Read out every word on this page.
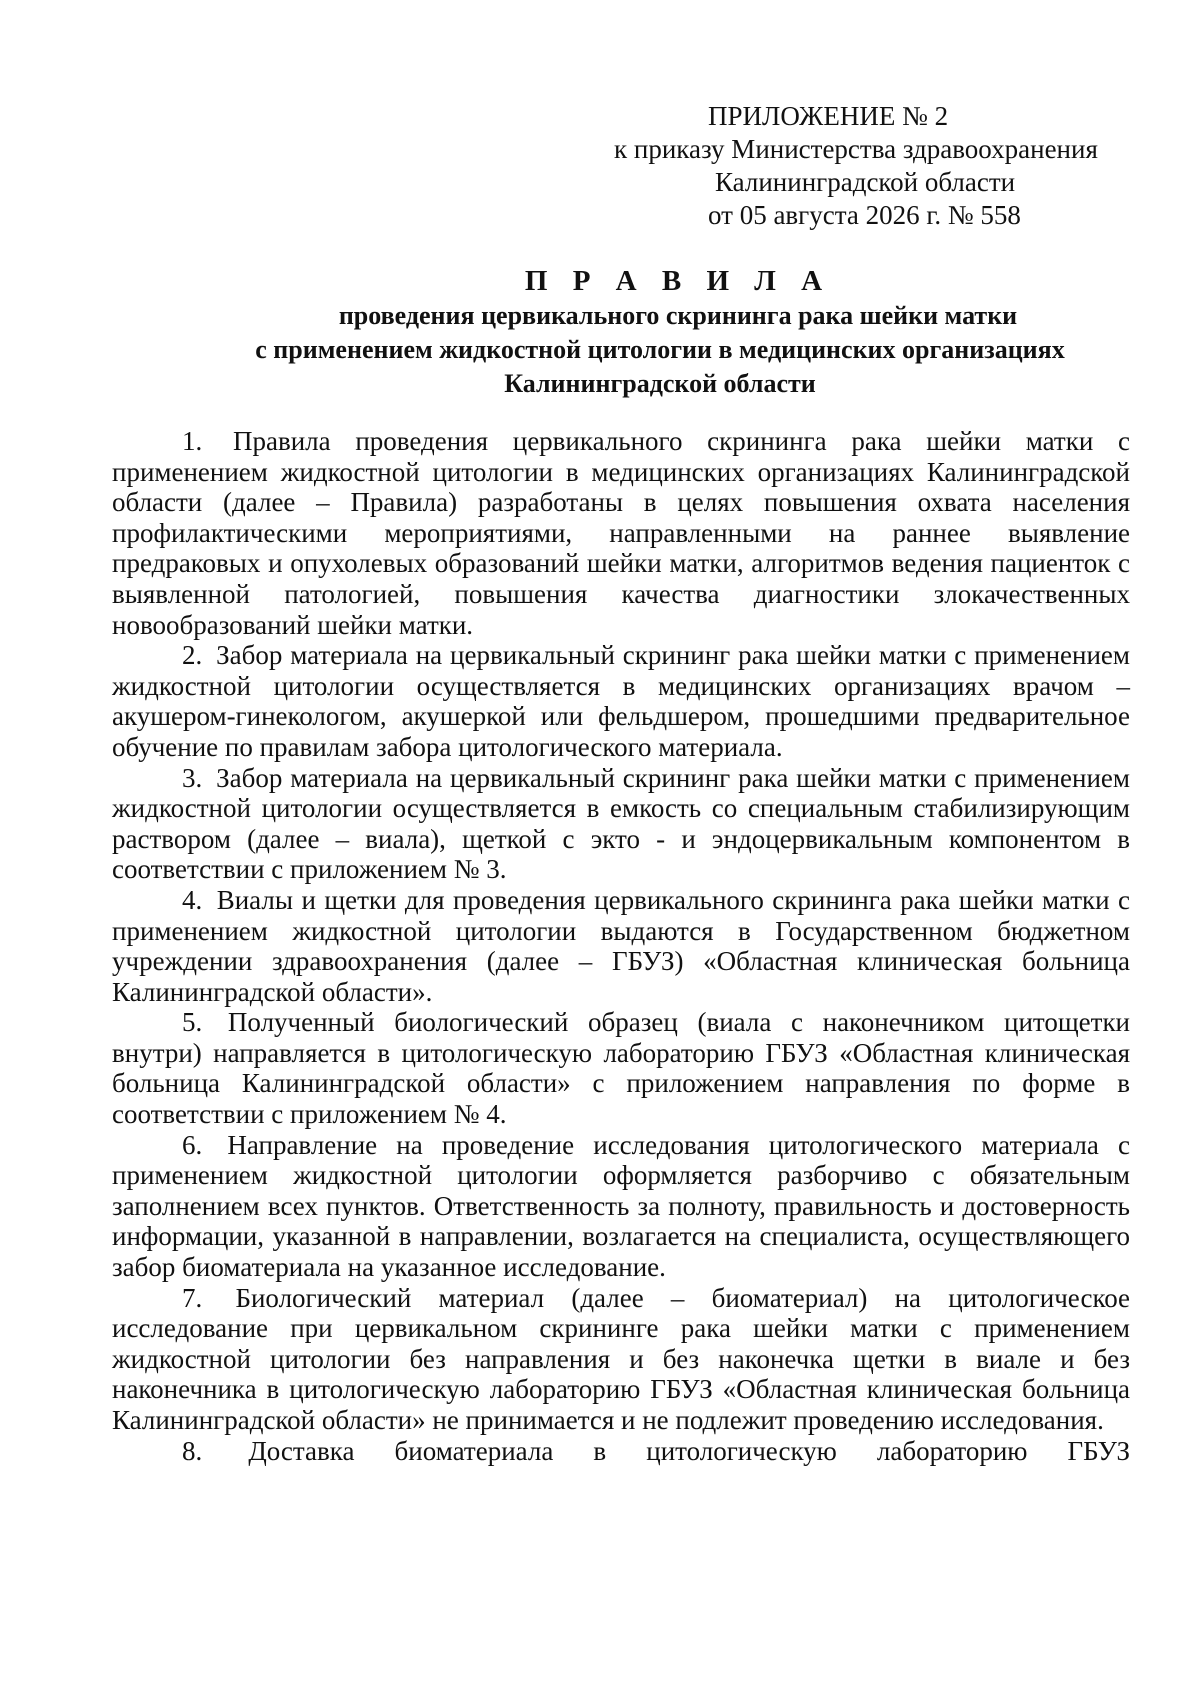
ПРИЛОЖЕНИЕ № 2
к приказу Министерства здравоохранения
Калининградской области
от 05 августа 2026 г. № 558
П Р А В И Л А
проведения цервикального скрининга рака шейки матки
с применением жидкостной цитологии в медицинских организациях
Калининградской области

1. Правила проведения цервикального скрининга рака шейки матки с применением жидкостной цитологии в медицинских организациях Калининградской области (далее – Правила) разработаны в целях повышения охвата населения профилактическими мероприятиями, направленными на раннее выявление предраковых и опухолевых образований шейки матки, алгоритмов ведения пациенток с выявленной патологией, повышения качества диагностики злокачественных новообразований шейки матки.

2. Забор материала на цервикальный скрининг рака шейки матки с применением жидкостной цитологии осуществляется в медицинских организациях врачом – акушером-гинекологом, акушеркой или фельдшером, прошедшими предварительное обучение по правилам забора цитологического материала.

3. Забор материала на цервикальный скрининг рака шейки матки с применением жидкостной цитологии осуществляется в емкость со специальным стабилизирующим раствором (далее – виала), щеткой с экто - и эндоцервикальным компонентом в соответствии с приложением № 3.

4. Виалы и щетки для проведения цервикального скрининга рака шейки матки с применением жидкостной цитологии выдаются в Государственном бюджетном учреждении здравоохранения (далее – ГБУЗ) «Областная клиническая больница Калининградской области».

5. Полученный биологический образец (виала с наконечником цитощетки внутри) направляется в цитологическую лабораторию ГБУЗ «Областная клиническая больница Калининградской области» с приложением направления по форме в соответствии с приложением № 4.

6. Направление на проведение исследования цитологического материала с применением жидкостной цитологии оформляется разборчиво с обязательным заполнением всех пунктов. Ответственность за полноту, правильность и достоверность информации, указанной в направлении, возлагается на специалиста, осуществляющего забор биоматериала на указанное исследование.

7. Биологический материал (далее – биоматериал) на цитологическое исследование при цервикальном скрининге рака шейки матки с применением жидкостной цитологии без направления и без наконечка щетки в виале и без наконечника в цитологическую лабораторию ГБУЗ «Областная клиническая больница Калининградской области» не принимается и не подлежит проведению исследования.

8. Доставка биоматериала в цитологическую лабораторию ГБУЗ
